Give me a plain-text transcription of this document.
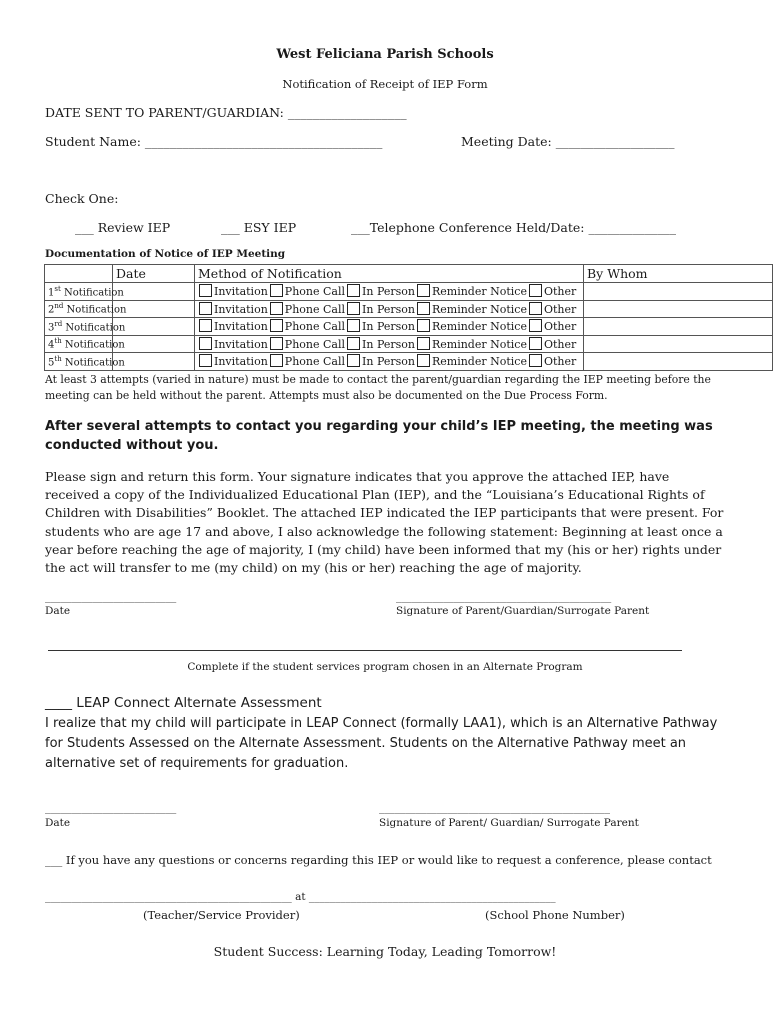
West Feliciana Parish Schools
Notification of Receipt of IEP Form
DATE SENT TO PARENT/GUARDIAN: ___________________
Student Name: ______________________________________	Meeting Date: ___________________
Check One:
___ Review IEP	___ ESY IEP	___Telephone Conference Held/Date: ______________
Documentation of Notice of IEP Meeting
	Date	Method of Notification	By Whom
1st Notification		Invitation Phone Call In Person Reminder Notice Other	
2nd Notification		Invitation Phone Call In Person Reminder Notice Other	
3rd Notification		Invitation Phone Call In Person Reminder Notice Other	
4th Notification		Invitation Phone Call In Person Reminder Notice Other	
5th Notification		Invitation Phone Call In Person Reminder Notice Other	

At least 3 attempts (varied in nature) must be made to contact the parent/guardian regarding the IEP meeting before the meeting can be held without the parent. Attempts must also be documented on the Due Process Form.

After several attempts to contact you regarding your child’s IEP meeting, the meeting was conducted without you.

Please sign and return this form. Your signature indicates that you approve the attached IEP, have received a copy of the Individualized Educational Plan (IEP), and the “Louisiana’s Educational Rights of Children with Disabilities” Booklet. The attached IEP indicated the IEP participants that were present. For students who are age 17 and above, I also acknowledge the following statement: Beginning at least once a year before reaching the age of majority, I (my child) have been informed that my (his or her) rights under the act will transfer to me (my child) on my (his or her) reaching the age of majority.

_________________________
Date
_________________________________________
Signature of Parent/Guardian/Surrogate Parent
Complete if the student services program chosen in an Alternate Program
____ LEAP Connect Alternate Assessment

I realize that my child will participate in LEAP Connect (formally LAA1), which is an Alternative Pathway for Students Assessed on the Alternate Assessment. Students on the Alternative Pathway meet an alternative set of requirements for graduation.

_________________________
Date
____________________________________________
Signature of Parent/ Guardian/ Surrogate Parent
___ If you have any questions or concerns regarding this IEP or would like to request a conference, please contact
_______________________________________________ at _______________________________________________
(Teacher/Service Provider)	(School Phone Number)
Student Success: Learning Today, Leading Tomorrow!
